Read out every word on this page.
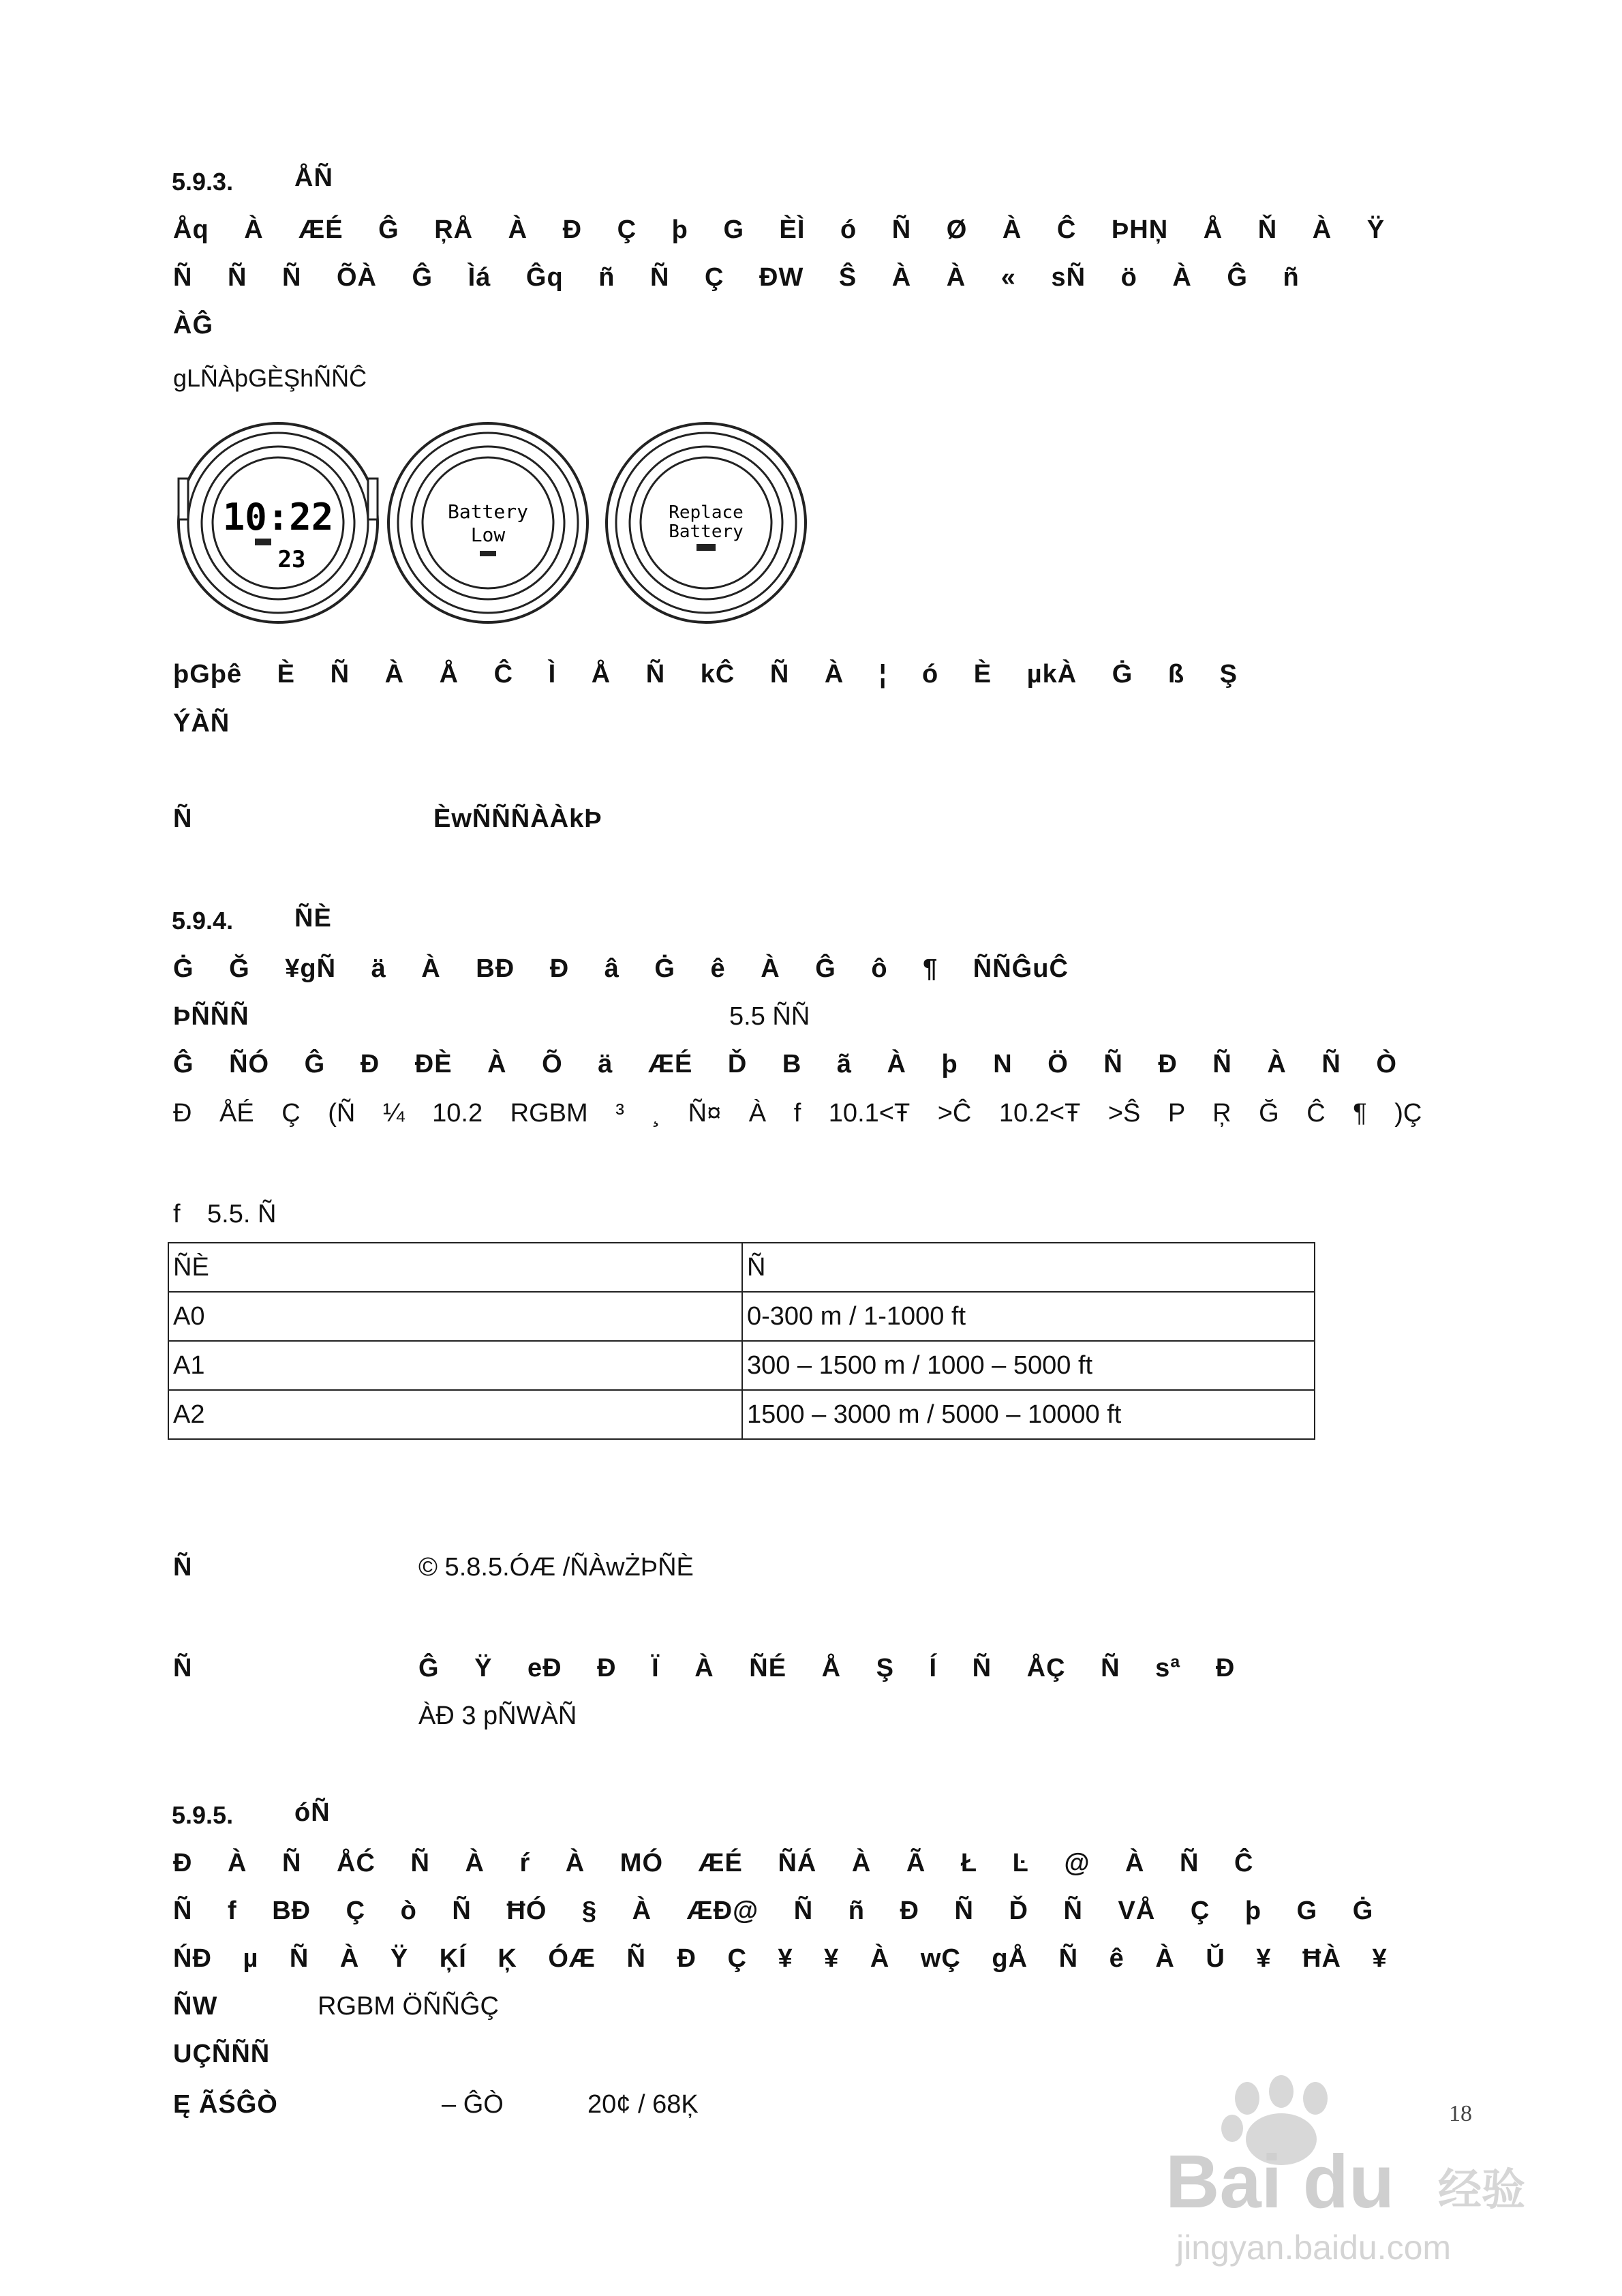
5.9.3. ÅÑ
Åq À ÆÉ Ĝ ŖÅ À Ð Ç þ G ÈÌ ó Ñ Ø À Ĉ ÞHŅ Å Ň À Ÿ
Ñ Ñ Ñ ÕÀ Ĝ Ìá Ĝq ñ Ñ Ç ÐW Ŝ À À « sÑ ö À Ĝ ñ
ÀĜ
gLÑÀþGÈŞhÑÑĈ
10:22
23
Battery
Low
Replace
Battery
þGþê È Ñ À Å Ĉ Ì Å Ñ kĈ Ñ À ¦ ó È µkÀ Ġ ß Ş
ÝÀÑ
Ñ	ÈwÑÑÑÀÀkÞ
5.9.4. ÑÈ
Ġ Ğ ¥gÑ ä À BÐ Ð â Ġ ê À Ĝ ô ¶ ÑÑĜuĈ
ÞÑÑÑ	5.5 ÑÑ
Ĝ ÑÓ Ĝ Ð ÐÈ À Õ ä ÆÉ Ď B ã À þ N Ö Ñ Ð Ñ À Ñ Ò
Ð ÅÉ Ç (Ñ ¼ 10.2 RGBM ³ ¸ Ñ¤ À f 10.1<Ŧ >Ĉ 10.2<Ŧ >Ŝ P Ŗ Ğ Ĉ ¶ )Ç
f 5.5. Ñ
ÑÈ	Ñ
A0	0-300 m / 1-1000 ft
A1	300 – 1500 m / 1000 – 5000 ft
A2	1500 – 3000 m / 5000 – 10000 ft
Ñ	© 5.8.5.ÓÆ /ÑÀwŻÞÑÈ
Ñ	Ĝ Ÿ eÐ Ð Ï À ÑÉ Å Ş Í Ñ ÅÇ Ñ sª Ð
ÀÐ 3 pÑWÀÑ
5.9.5. óÑ
Ð À Ñ ÅĆ Ñ À ŕ À MÓ ÆÉ ÑÁ À Ã Ł Ŀ @ À Ñ Ĉ
Ñ f BÐ Ç ò Ñ ĦÓ § À ÆÐ@ Ñ ñ Ð Ñ Ď Ñ VÅ Ç þ G Ġ
ŃÐ µ Ñ À Ÿ ĶÍ Ķ ÓÆ Ñ Ð Ç ¥ ¥ À wÇ gÅ Ñ ê À Ŭ ¥ ĦÀ ¥
ÑW	RGBM ÖÑÑĜÇ
UÇÑÑÑ
Ę ÃŚĜÒ	– ĜÒ	20¢ / 68Ķ
Bai du 经验
jingyan.baidu.com
18
